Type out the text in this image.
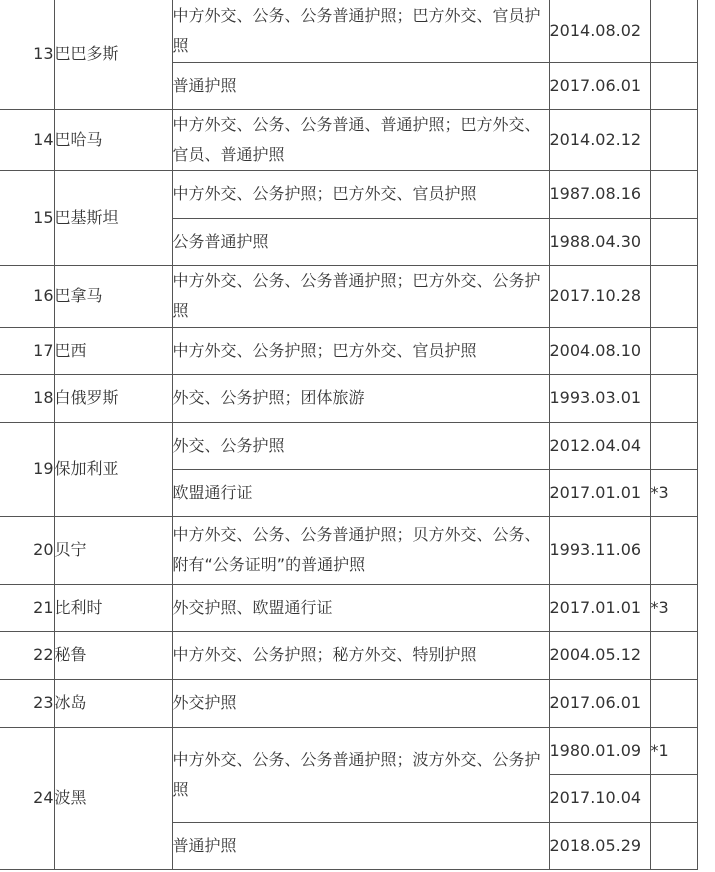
13	巴巴多斯	中方外交、公务、公务普通护照；巴方外交、官员护照	2014.08.02	
		普通护照	2017.06.01	
14	巴哈马	中方外交、公务、公务普通、普通护照；巴方外交、官员、普通护照	2014.02.12	
15	巴基斯坦	中方外交、公务护照；巴方外交、官员护照	1987.08.16	
		公务普通护照	1988.04.30	
16	巴拿马	中方外交、公务、公务普通护照；巴方外交、公务护照	2017.10.28	
17	巴西	中方外交、公务护照；巴方外交、官员护照	2004.08.10	
18	白俄罗斯	外交、公务护照；团体旅游	1993.03.01	
19	保加利亚	外交、公务护照	2012.04.04	
		欧盟通行证	2017.01.01	*3
20	贝宁	中方外交、公务、公务普通护照；贝方外交、公务、附有“公务证明”的普通护照	1993.11.06	
21	比利时	外交护照、欧盟通行证	2017.01.01	*3
22	秘鲁	中方外交、公务护照；秘方外交、特别护照	2004.05.12	
23	冰岛	外交护照	2017.06.01	
24	波黑	中方外交、公务、公务普通护照；波方外交、公务护照	1980.01.09	*1
			2017.10.04	
		普通护照	2018.05.29	
